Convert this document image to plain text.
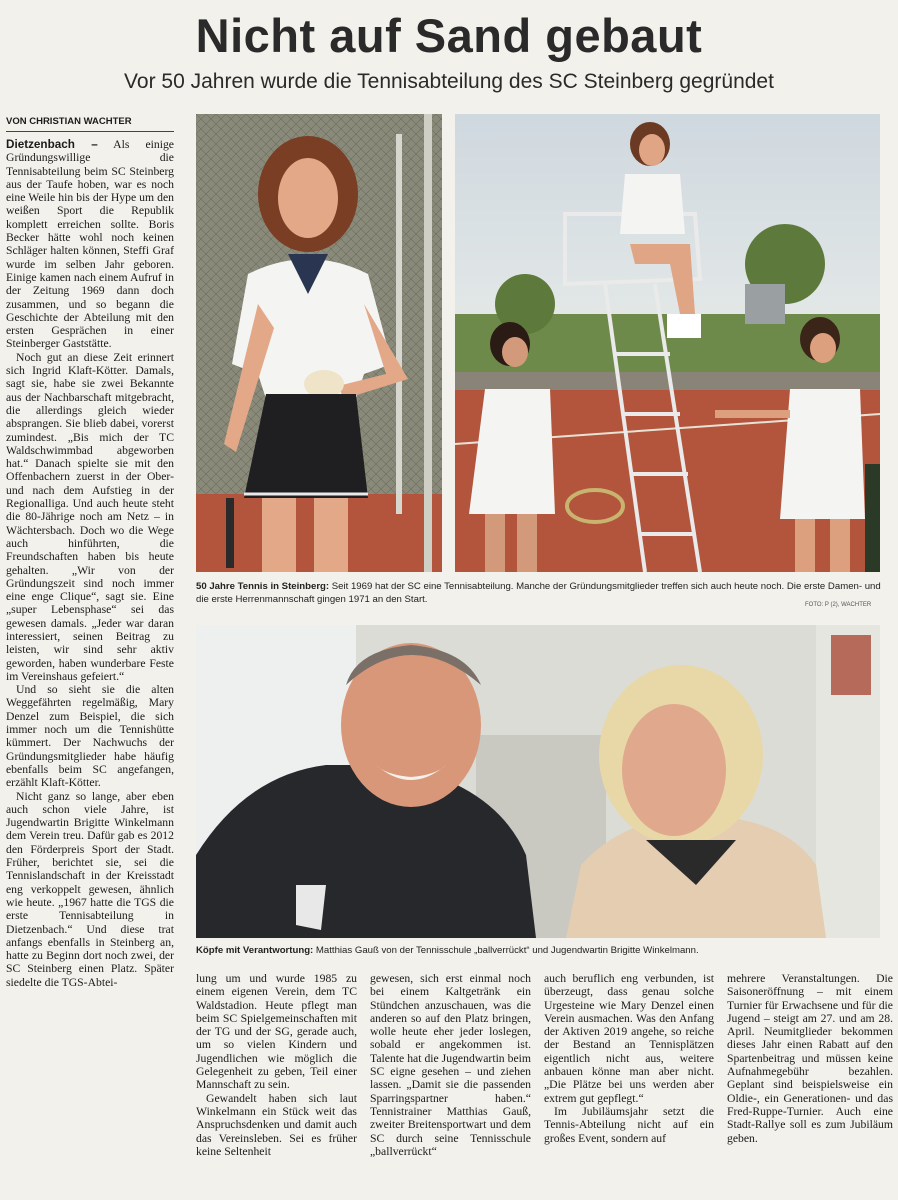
Nicht auf Sand gebaut
Vor 50 Jahren wurde die Tennisabteilung des SC Steinberg gegründet
VON CHRISTIAN WACHTER

Dietzenbach – Als einige Gründungswillige die Tennisabteilung beim SC Steinberg aus der Taufe hoben, war es noch eine Weile hin bis der Hype um den weißen Sport die Republik komplett erreichen sollte. Boris Becker hätte wohl noch keinen Schläger halten können, Steffi Graf wurde im selben Jahr geboren. Einige kamen nach einem Aufruf in der Zeitung 1969 dann doch zusammen, und so begann die Geschichte der Abteilung mit den ersten Gesprächen in einer Steinberger Gaststätte.

Noch gut an diese Zeit erinnert sich Ingrid Klaft-Kötter. Damals, sagt sie, habe sie zwei Bekannte aus der Nachbarschaft mitgebracht, die allerdings gleich wieder absprangen. Sie blieb dabei, vorerst zumindest. „Bis mich der TC Waldschwimmbad abgeworben hat.“ Danach spielte sie mit den Offenbachern zuerst in der Ober- und nach dem Aufstieg in der Regionalliga. Und auch heute steht die 80-Jährige noch am Netz – in Wächtersbach. Doch wo die Wege auch hinführten, die Freundschaften haben bis heute gehalten. „Wir von der Gründungszeit sind noch immer eine enge Clique“, sagt sie. Eine „super Lebensphase“ sei das gewesen damals. „Jeder war daran interessiert, seinen Beitrag zu leisten, wir sind sehr aktiv geworden, haben wunderbare Feste im Vereinshaus gefeiert.“

Und so sieht sie die alten Weggefährten regelmäßig, Mary Denzel zum Beispiel, die sich immer noch um die Tennishütte kümmert. Der Nachwuchs der Gründungsmitglieder habe häufig ebenfalls beim SC angefangen, erzählt Klaft-Kötter.

Nicht ganz so lange, aber eben auch schon viele Jahre, ist Jugendwartin Brigitte Winkelmann dem Verein treu. Dafür gab es 2012 den Förderpreis Sport der Stadt. Früher, berichtet sie, sei die Tennislandschaft in der Kreisstadt eng verkoppelt gewesen, ähnlich wie heute. „1967 hatte die TGS die erste Tennisabteilung in Dietzenbach.“ Und diese trat anfangs ebenfalls in Steinberg an, hatte zu Beginn dort noch zwei, der SC Steinberg einen Platz. Später siedelte die TGS-Abtei-

50 Jahre Tennis in Steinberg: Seit 1969 hat der SC eine Tennisabteilung. Manche der Gründungsmitglieder treffen sich auch heute noch. Die erste Damen- und die erste Herrenmannschaft gingen 1971 an den Start.	FOTO: P (2), WACHTER
Köpfe mit Verantwortung: Matthias Gauß von der Tennisschule „ballverrückt“ und Jugendwartin Brigitte Winkelmann.

lung um und wurde 1985 zu einem eigenen Verein, dem TC Waldstadion. Heute pflegt man beim SC Spielgemeinschaften mit der TG und der SG, gerade auch, um so vielen Kindern und Jugendlichen wie möglich die Gelegenheit zu geben, Teil einer Mannschaft zu sein.

Gewandelt haben sich laut Winkelmann ein Stück weit das Anspruchsdenken und damit auch das Vereinsleben. Sei es früher keine Seltenheit

gewesen, sich erst einmal noch bei einem Kaltgetränk ein Stündchen anzuschauen, was die anderen so auf den Platz bringen, wolle heute eher jeder loslegen, sobald er angekommen ist. Talente hat die Jugendwartin beim SC eigne gesehen – und ziehen lassen. „Damit sie die passenden Sparringspartner haben.“ Tennistrainer Matthias Gauß, zweiter Breitensportwart und dem SC durch seine Tennisschule „ballverrückt“

auch beruflich eng verbunden, ist überzeugt, dass genau solche Urgesteine wie Mary Denzel einen Verein ausmachen. Was den Anfang der Aktiven 2019 angehe, so reiche der Bestand an Tennisplätzen eigentlich nicht aus, weitere anbauen könne man aber nicht. „Die Plätze bei uns werden aber extrem gut gepflegt.“

Im Jubiläumsjahr setzt die Tennis-Abteilung nicht auf ein großes Event, sondern auf

mehrere Veranstaltungen. Die Saisoneröffnung – mit einem Turnier für Erwachsene und für die Jugend – steigt am 27. und am 28. April. Neumitglieder bekommen dieses Jahr einen Rabatt auf den Spartenbeitrag und müssen keine Aufnahmegebühr bezahlen. Geplant sind beispielsweise ein Oldie-, ein Generationen- und das Fred-Ruppe-Turnier. Auch eine Stadt-Rallye soll es zum Jubiläum geben.
